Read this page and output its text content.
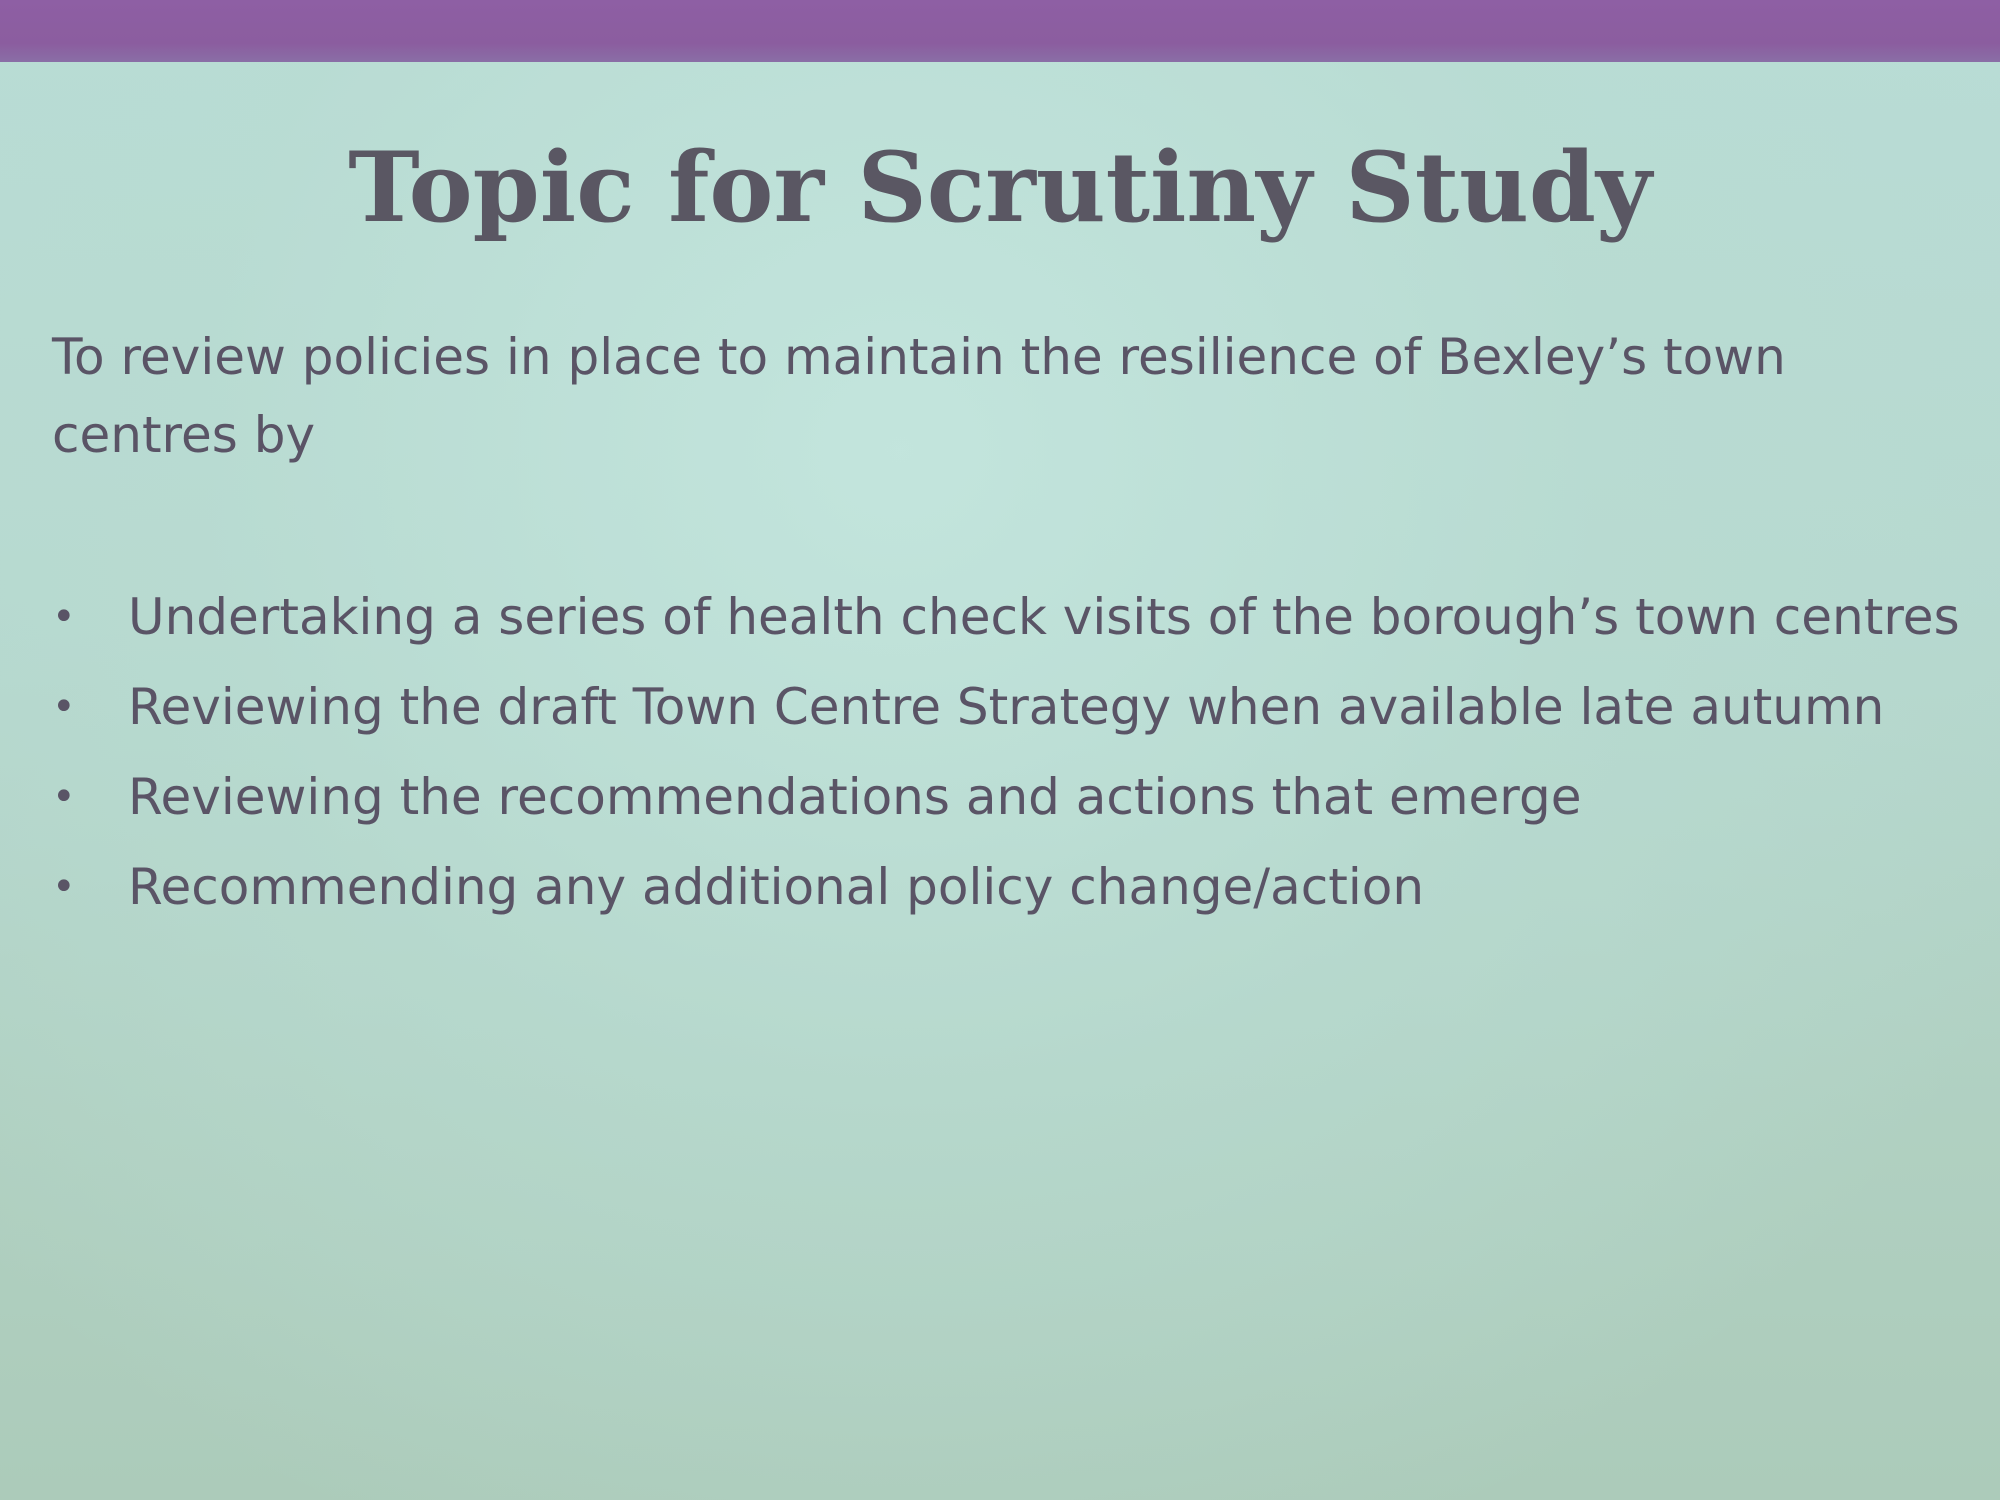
Topic for Scrutiny Study

To review policies in place to maintain the resilience of Bexley’s town centres by

• Undertaking a series of health check visits of the borough’s town centres
• Reviewing the draft Town Centre Strategy when available late autumn
• Reviewing the recommendations and actions that emerge
• Recommending any additional policy change/action
